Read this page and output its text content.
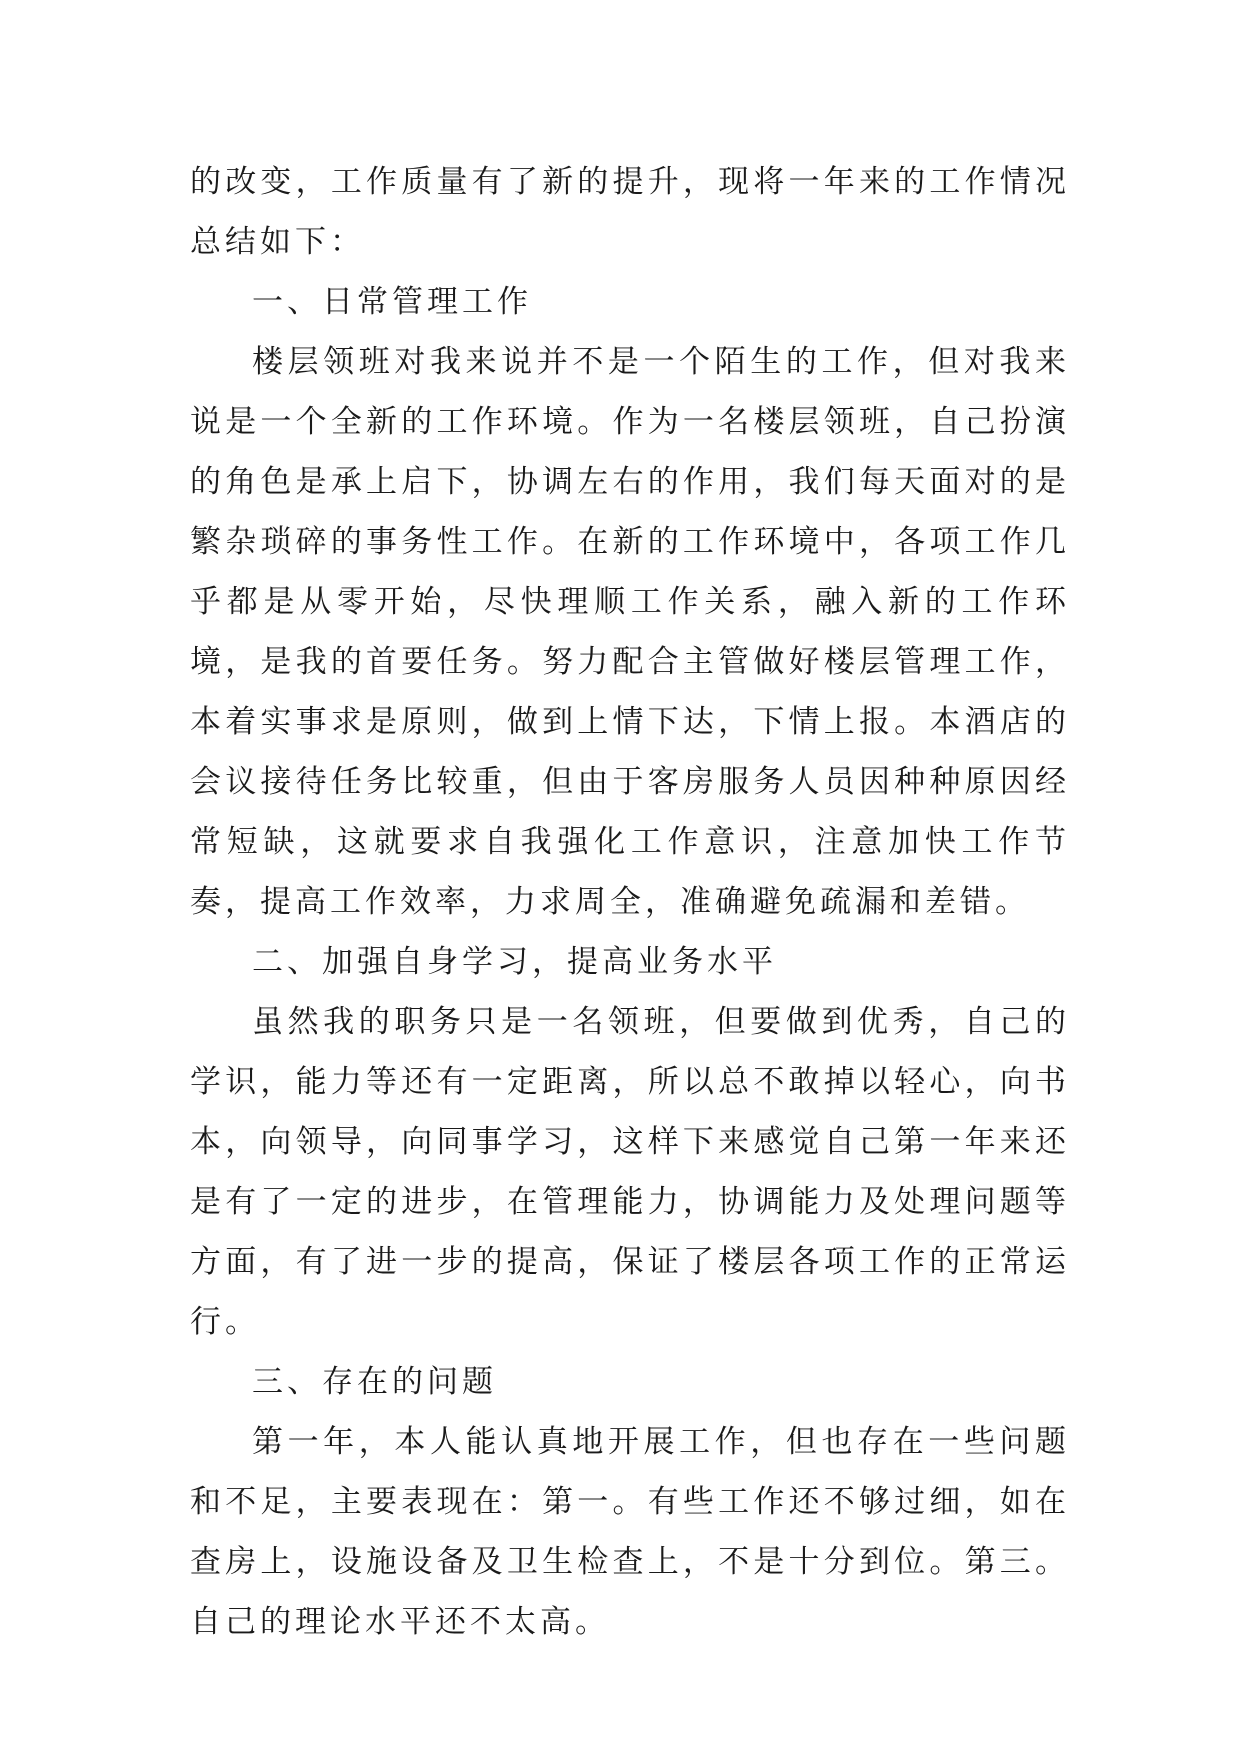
的改变，工作质量有了新的提升，现将一年来的工作情况总结如下：

一、日常管理工作

楼层领班对我来说并不是一个陌生的工作，但对我来说是一个全新的工作环境。作为一名楼层领班，自己扮演的角色是承上启下，协调左右的作用，我们每天面对的是繁杂琐碎的事务性工作。在新的工作环境中，各项工作几乎都是从零开始，尽快理顺工作关系，融入新的工作环境，是我的首要任务。努力配合主管做好楼层管理工作，本着实事求是原则，做到上情下达，下情上报。本酒店的会议接待任务比较重，但由于客房服务人员因种种原因经常短缺，这就要求自我强化工作意识，注意加快工作节奏，提高工作效率，力求周全，准确避免疏漏和差错。

二、加强自身学习，提高业务水平

虽然我的职务只是一名领班，但要做到优秀，自己的学识，能力等还有一定距离，所以总不敢掉以轻心，向书本，向领导，向同事学习，这样下来感觉自己第一年来还是有了一定的进步，在管理能力，协调能力及处理问题等方面，有了进一步的提高，保证了楼层各项工作的正常运行。

三、存在的问题

第一年，本人能认真地开展工作，但也存在一些问题和不足，主要表现在：第一。有些工作还不够过细，如在查房上，设施设备及卫生检查上，不是十分到位。第三。自己的理论水平还不太高。
